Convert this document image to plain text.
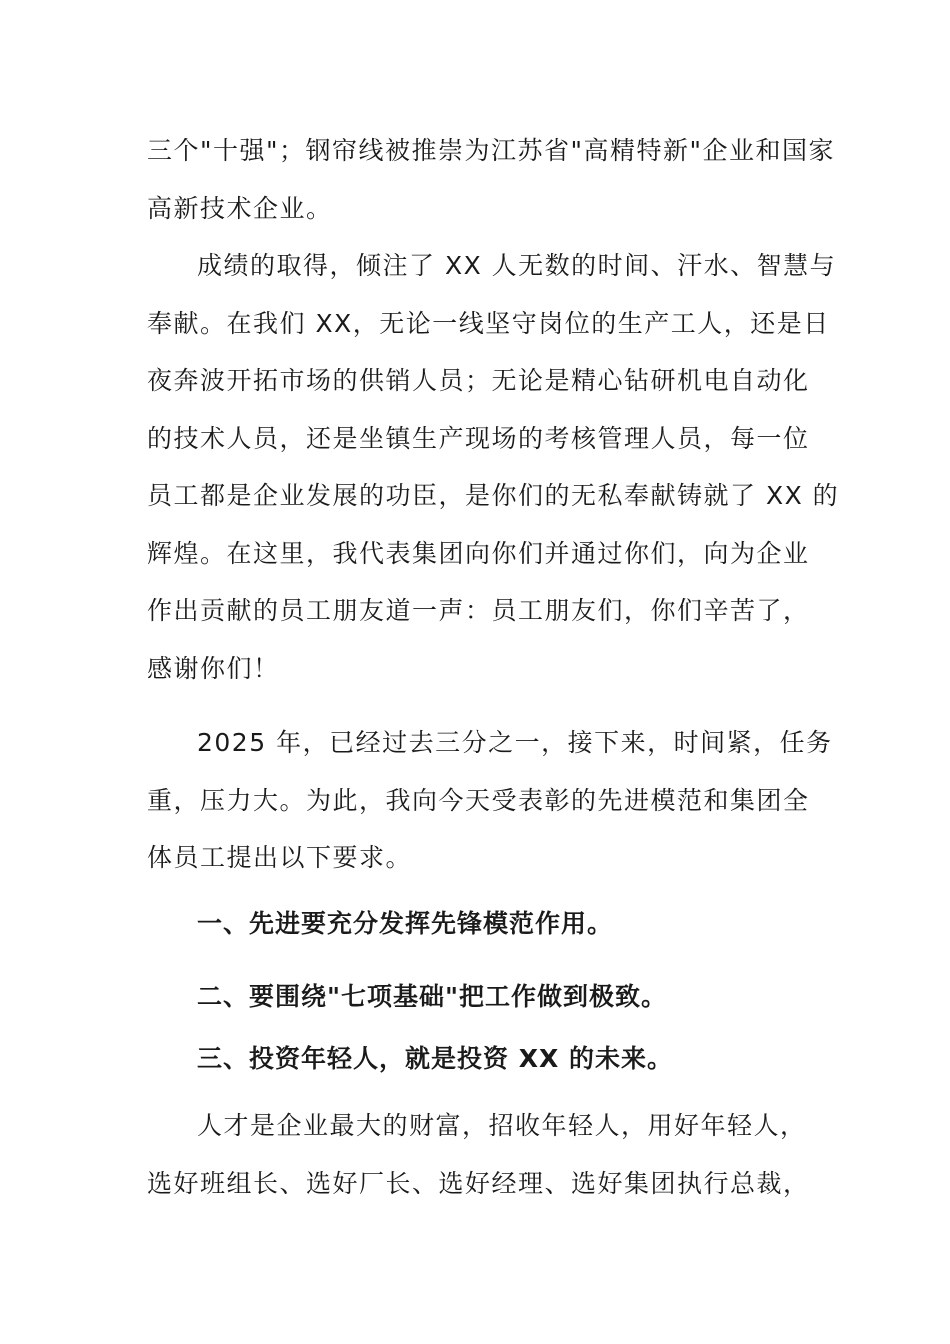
三个"十强"；钢帘线被推崇为江苏省"高精特新"企业和国家
高新技术企业。

成绩的取得，倾注了 XX 人无数的时间、汗水、智慧与
奉献。在我们 XX，无论一线坚守岗位的生产工人，还是日
夜奔波开拓市场的供销人员；无论是精心钻研机电自动化
的技术人员，还是坐镇生产现场的考核管理人员，每一位
员工都是企业发展的功臣，是你们的无私奉献铸就了 XX 的
辉煌。在这里，我代表集团向你们并通过你们，向为企业
作出贡献的员工朋友道一声：员工朋友们，你们辛苦了，
感谢你们！

2025 年，已经过去三分之一，接下来，时间紧，任务
重，压力大。为此，我向今天受表彰的先进模范和集团全
体员工提出以下要求。

一、先进要充分发挥先锋模范作用。

二、要围绕"七项基础"把工作做到极致。

三、投资年轻人，就是投资 XX 的未来。

人才是企业最大的财富，招收年轻人，用好年轻人，
选好班组长、选好厂长、选好经理、选好集团执行总裁，
